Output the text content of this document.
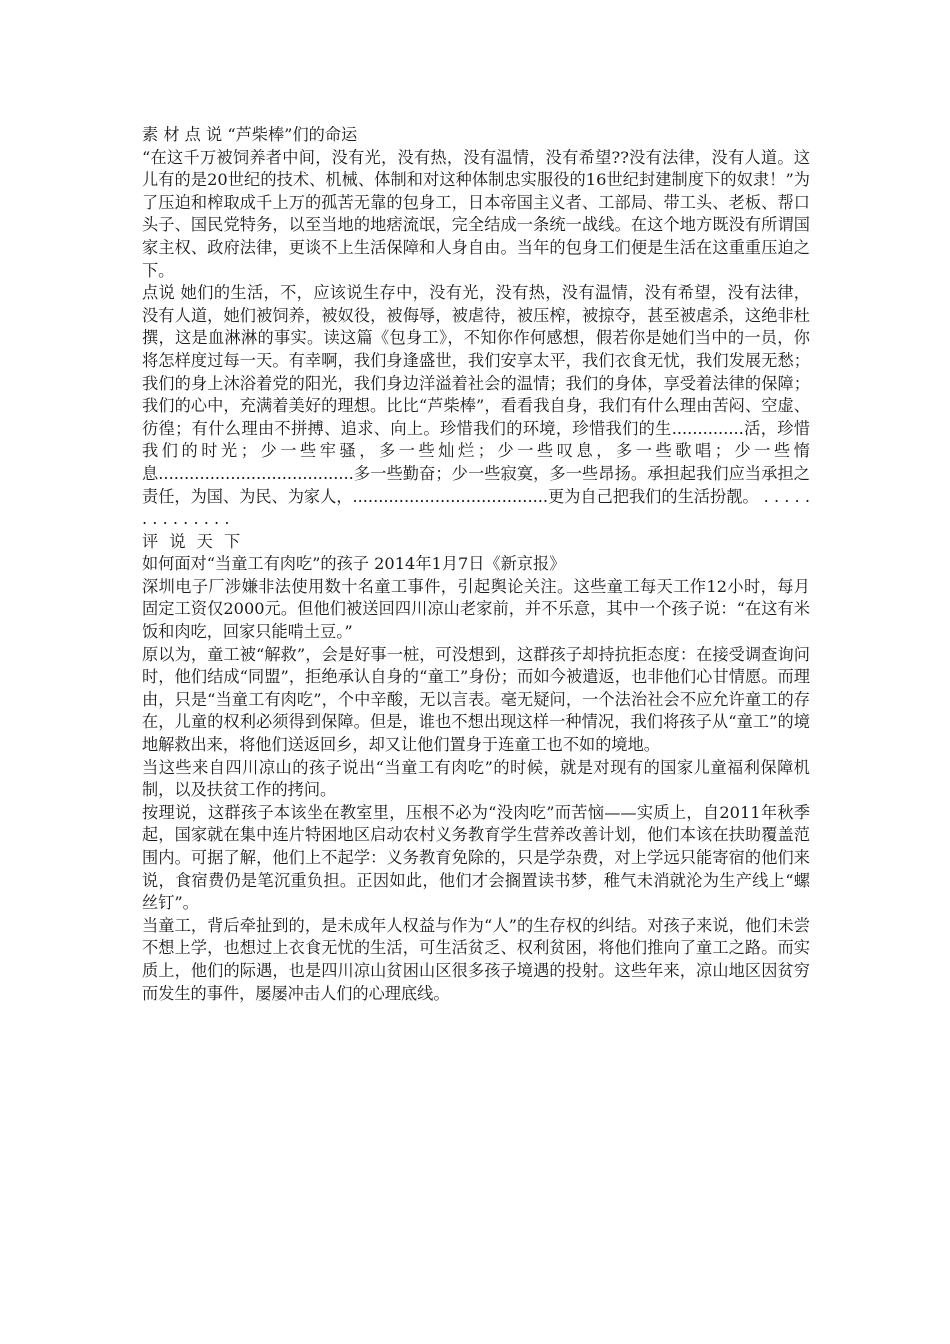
素 材 点 说 “芦柴棒”们的命运

“在这千万被饲养者中间，没有光，没有热，没有温情，没有希望??没有法律，没有人道。这儿有的是20世纪的技术、机械、体制和对这种体制忠实服役的16世纪封建制度下的奴隶！”为了压迫和榨取成千上万的孤苦无靠的包身工，日本帝国主义者、工部局、带工头、老板、帮口头子、国民党特务，以至当地的地痞流氓，完全结成一条统一战线。在这个地方既没有所谓国家主权、政府法律，更谈不上生活保障和人身自由。当年的包身工们便是生活在这重重压迫之下。

点说 她们的生活，不，应该说生存中，没有光，没有热，没有温情，没有希望，没有法律，没有人道，她们被饲养，被奴役，被侮辱，被虐待，被压榨，被掠夺，甚至被虐杀，这绝非杜撰，这是血淋淋的事实。读这篇《包身工》，不知你作何感想，假若你是她们当中的一员，你将怎样度过每一天。有幸啊，我们身逢盛世，我们安享太平，我们衣食无忧，我们发展无愁；我们的身上沐浴着党的阳光，我们身边洋溢着社会的温情；我们的身体，享受着法律的保障；我们的心中，充满着美好的理想。比比“芦柴棒”，看看我自身，我们有什么理由苦闷、空虚、彷徨；有什么理由不拼搏、追求、向上。珍惜我们的环境，珍惜我们的生..............活，珍惜我们的时光；少一些牢骚，多一些灿烂；少一些叹息，多一些歌唱；少一些惰息......................................多一些勤奋；少一些寂寞，多一些昂扬。承担起我们应当承担之责任，为国、为民、为家人，......................................更为自己把我们的生活扮靓。 . . . . . . . . . . . . . .

评 说 天 下

如何面对“当童工有肉吃”的孩子 2014年1月7日《新京报》

深圳电子厂涉嫌非法使用数十名童工事件，引起舆论关注。这些童工每天工作12小时，每月固定工资仅2000元。但他们被送回四川凉山老家前，并不乐意，其中一个孩子说：“在这有米饭和肉吃，回家只能啃土豆。”

原以为，童工被“解救”，会是好事一桩，可没想到，这群孩子却持抗拒态度：在接受调查询问时，他们结成“同盟”，拒绝承认自身的“童工”身份；而如今被遣返，也非他们心甘情愿。而理由，只是“当童工有肉吃”，个中辛酸，无以言表。毫无疑问，一个法治社会不应允许童工的存在，儿童的权利必须得到保障。但是，谁也不想出现这样一种情况，我们将孩子从“童工”的境地解救出来，将他们送返回乡，却又让他们置身于连童工也不如的境地。

当这些来自四川凉山的孩子说出“当童工有肉吃”的时候，就是对现有的国家儿童福利保障机制，以及扶贫工作的拷问。

按理说，这群孩子本该坐在教室里，压根不必为“没肉吃”而苦恼——实质上，自2011年秋季起，国家就在集中连片特困地区启动农村义务教育学生营养改善计划，他们本该在扶助覆盖范围内。可据了解，他们上不起学：义务教育免除的，只是学杂费，对上学远只能寄宿的他们来说，食宿费仍是笔沉重负担。正因如此，他们才会搁置读书梦，稚气未消就沦为生产线上“螺丝钉”。

当童工，背后牵扯到的，是未成年人权益与作为“人”的生存权的纠结。对孩子来说，他们未尝不想上学，也想过上衣食无忧的生活，可生活贫乏、权利贫困，将他们推向了童工之路。而实质上，他们的际遇，也是四川凉山贫困山区很多孩子境遇的投射。这些年来，凉山地区因贫穷而发生的事件，屡屡冲击人们的心理底线。
